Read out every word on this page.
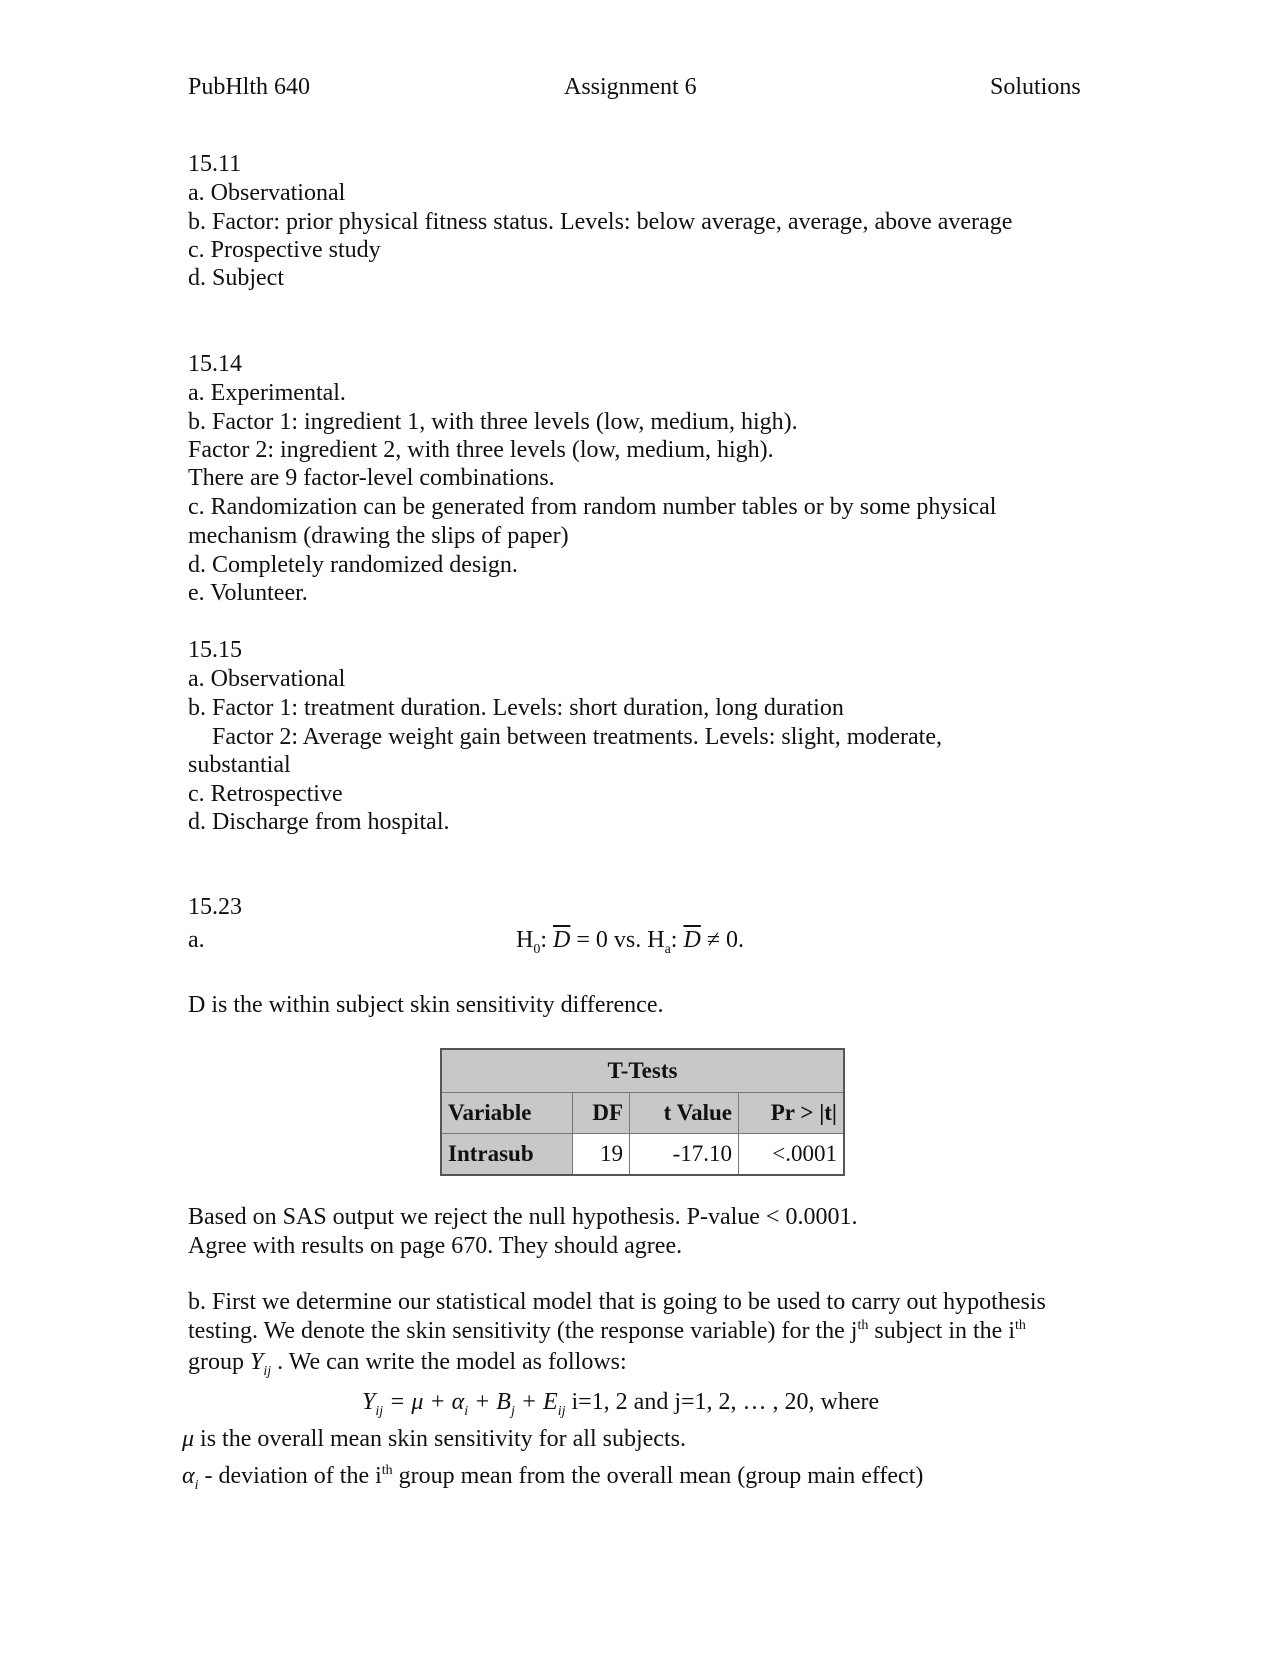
PubHlth 640	Assignment 6	Solutions
15.11
a. Observational
b. Factor: prior physical fitness status. Levels: below average, average, above average
c. Prospective study
d. Subject
15.14
a. Experimental.
b. Factor 1: ingredient 1, with three levels (low, medium, high).
Factor 2: ingredient 2, with three levels (low, medium, high).
There are 9 factor-level combinations.
c. Randomization can be generated from random number tables or by some physical
mechanism (drawing the slips of paper)
d. Completely randomized design.
e. Volunteer.
15.15
a. Observational
b. Factor 1: treatment duration. Levels: short duration, long duration
Factor 2: Average weight gain between treatments. Levels: slight, moderate,
substantial
c. Retrospective
d. Discharge from hospital.
15.23
a.	$H_0$: $\overline{D} = 0$ vs. $H_a$: $\overline{D} \ne 0$.
D is the within subject skin sensitivity difference.
T-Tests			
Variable	DF	t Value	Pr > |t|
Intrasub	19	-17.10	<.0001
Based on SAS output we reject the null hypothesis. P-value < 0.0001.
Agree with results on page 670. They should agree.
b. First we determine our statistical model that is going to be used to carry out hypothesis
testing. We denote the skin sensitivity (the response variable) for the $j^{th}$ subject in the $i^{th}$
group $Y_{ij}$ . We can write the model as follows:
$Y_{ij} = \mu + \alpha_i + B_j + E_{ij}$ i=1, 2 and j=1, 2, … , 20, where
μ is the overall mean skin sensitivity for all subjects.
$\alpha_i$ - deviation of the $i^{th}$ group mean from the overall mean (group main effect)
